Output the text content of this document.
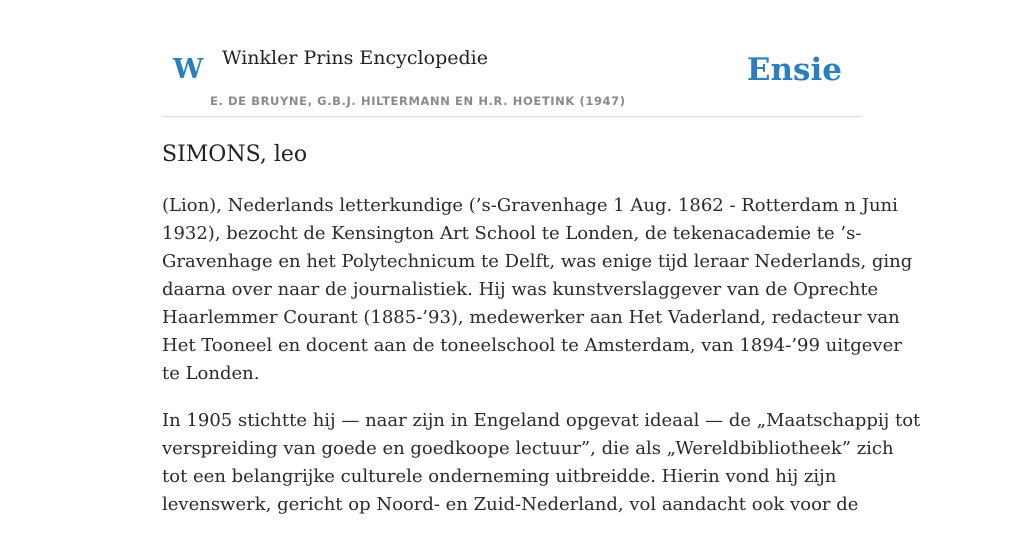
W Winkler Prins Encyclopedie
E. DE BRUYNE, G.B.J. HILTERMANN EN H.R. HOETINK (1947)
Ensie
SIMONS, leo

(Lion), Nederlands letterkundige (’s-Gravenhage 1 Aug. 1862 - Rotterdam n Juni
1932), bezocht de Kensington Art School te Londen, de tekenacademie te ’s-
Gravenhage en het Polytechnicum te Delft, was enige tijd leraar Nederlands, ging
daarna over naar de journalistiek. Hij was kunstverslaggever van de Oprechte
Haarlemmer Courant (1885-’93), medewerker aan Het Vaderland, redacteur van
Het Tooneel en docent aan de toneelschool te Amsterdam, van 1894-’99 uitgever
te Londen.

In 1905 stichtte hij — naar zijn in Engeland opgevat ideaal — de „Maatschappij tot
verspreiding van goede en goedkoope lectuur”, die als „Wereldbibliotheek” zich
tot een belangrijke culturele onderneming uitbreidde. Hierin vond hij zijn
levenswerk, gericht op Noord- en Zuid-Nederland, vol aandacht ook voor de
